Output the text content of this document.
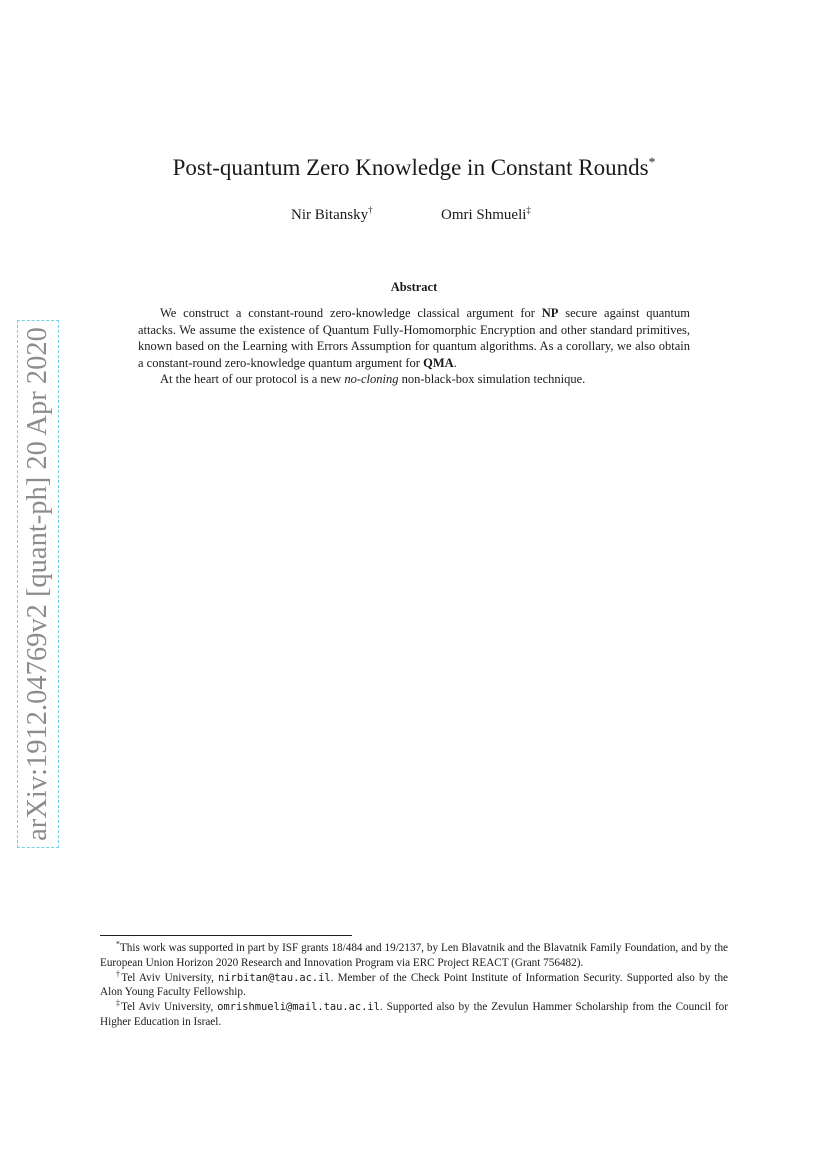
arXiv:1912.04769v2 [quant-ph] 20 Apr 2020
Post-quantum Zero Knowledge in Constant Rounds*
Nir Bitansky†	Omri Shmueli‡
Abstract

We construct a constant-round zero-knowledge classical argument for NP secure against quantum attacks. We assume the existence of Quantum Fully-Homomorphic Encryption and other standard primitives, known based on the Learning with Errors Assumption for quantum algorithms. As a corollary, we also obtain a constant-round zero-knowledge quantum argument for QMA.

At the heart of our protocol is a new no-cloning non-black-box simulation technique.

*This work was supported in part by ISF grants 18/484 and 19/2137, by Len Blavatnik and the Blavatnik Family Foundation, and by the European Union Horizon 2020 Research and Innovation Program via ERC Project REACT (Grant 756482).

†Tel Aviv University, nirbitan@tau.ac.il. Member of the Check Point Institute of Information Security. Supported also by the Alon Young Faculty Fellowship.

‡Tel Aviv University, omrishmueli@mail.tau.ac.il. Supported also by the Zevulun Hammer Scholarship from the Council for Higher Education in Israel.
